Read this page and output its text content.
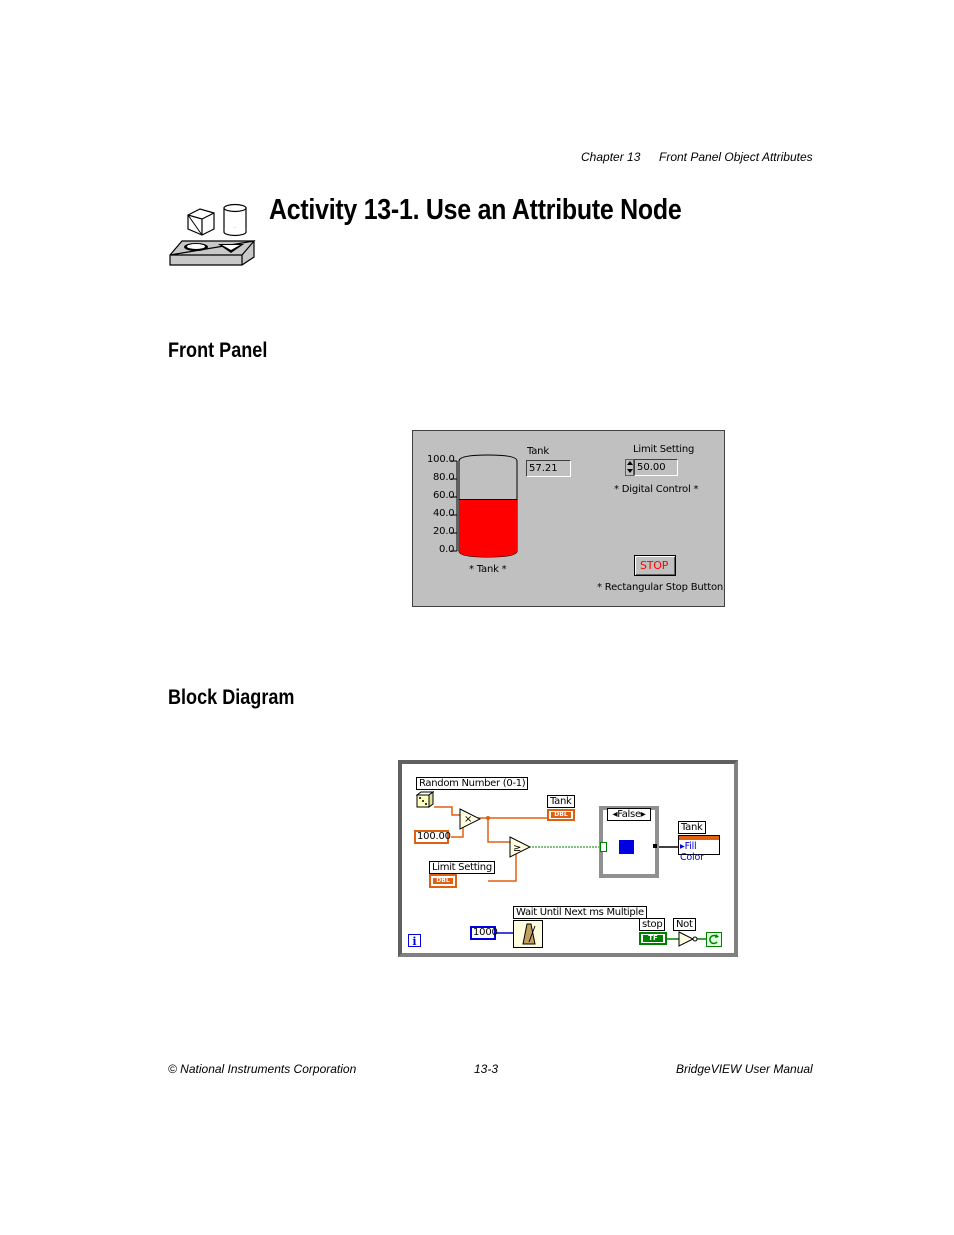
Chapter 13 Front Panel Object Attributes
Activity 13-1. Use an Attribute Node
Front Panel
100.0
80.0
60.0
40.0
20.0
0.0
* Tank *
Tank
57.21
Limit Setting
50.00
* Digital Control *
STOP
* Rectangular Stop Button
Block Diagram
Random Number (0-1)
100.00
×
Tank
DBL
≥
Limit Setting
DBL
◂False▸
Tank
▸Fill Color
Wait Until Next ms Multiple
1000
stop
TF
Not
i
© National Instruments Corporation	13-3	BridgeVIEW User Manual
